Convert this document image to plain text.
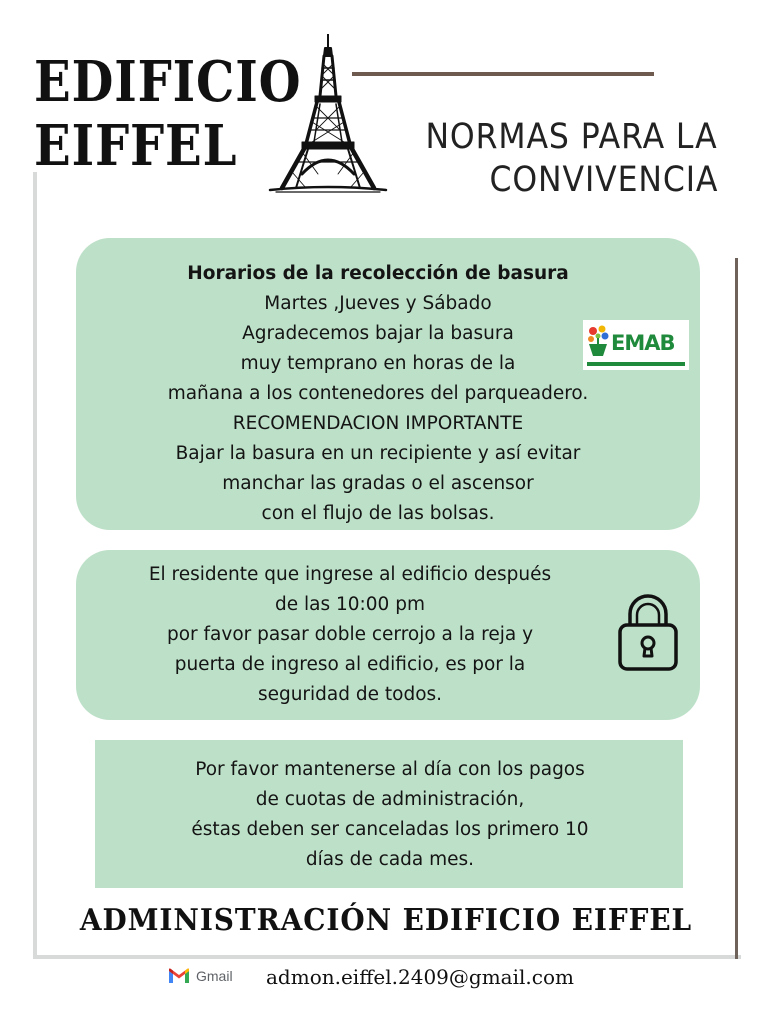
EDIFICIO
EIFFEL	NORMAS PARA LA
CONVIVENCIA
Horarios de la recolección de basura
Martes ,Jueves y Sábado
Agradecemos bajar la basura
muy temprano en horas de la
mañana a los contenedores del parqueadero.
RECOMENDACION IMPORTANTE
Bajar la basura en un recipiente y así evitar
manchar las gradas o el ascensor
con el flujo de las bolsas.
EMAB
El residente que ingrese al edificio después
de las 10:00 pm
por favor pasar doble cerrojo a la reja y
puerta de ingreso al edificio, es por la
seguridad de todos.
Por favor mantenerse al día con los pagos
de cuotas de administración,
éstas deben ser canceladas los primero 10
días de cada mes.
ADMINISTRACIÓN EDIFICIO EIFFEL
Gmail admon.eiffel.2409@gmail.com
